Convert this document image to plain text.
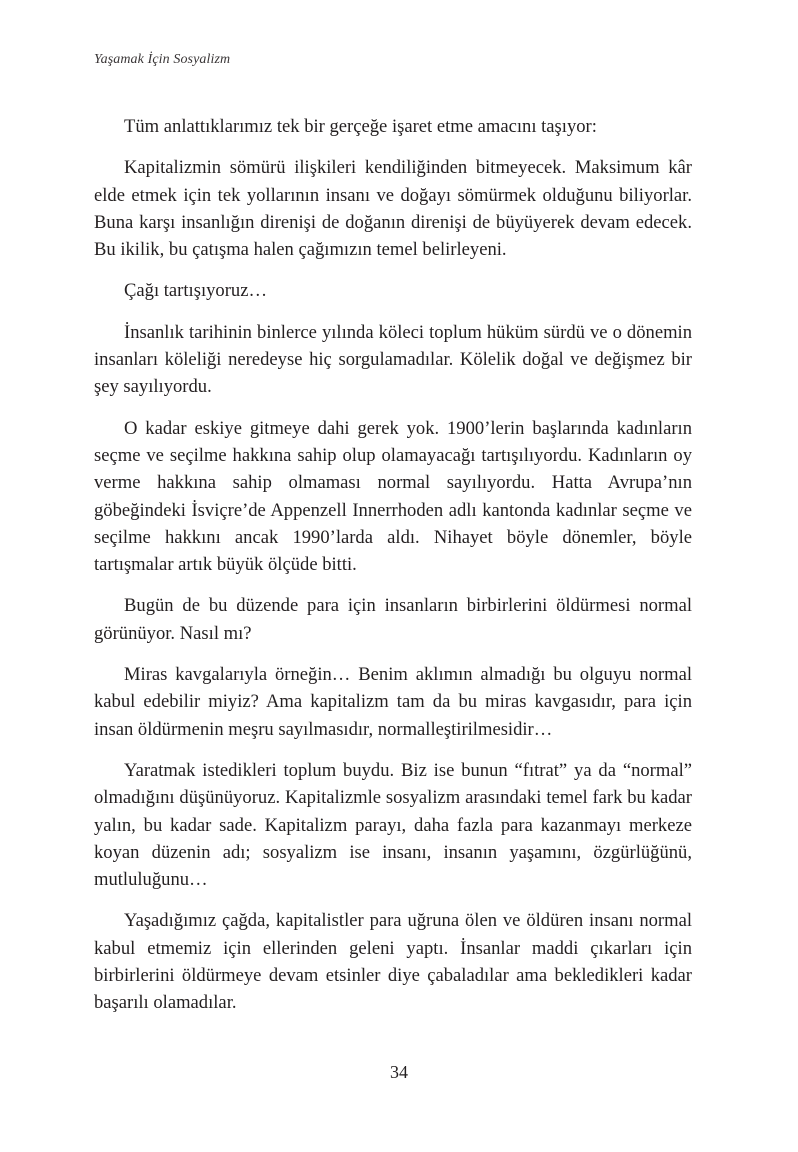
Yaşamak İçin Sosyalizm

Tüm anlattıklarımız tek bir gerçeğe işaret etme amacını taşıyor:

Kapitalizmin sömürü ilişkileri kendiliğinden bitmeyecek. Maksimum kâr elde etmek için tek yollarının insanı ve doğayı sömürmek olduğunu biliyorlar. Buna karşı insanlığın direnişi de doğanın direnişi de büyüyerek devam edecek. Bu ikilik, bu çatışma halen çağımızın temel belirleyeni.

Çağı tartışıyoruz…

İnsanlık tarihinin binlerce yılında köleci toplum hüküm sürdü ve o dönemin insanları köleliği neredeyse hiç sorgulamadılar. Kölelik doğal ve değişmez bir şey sayılıyordu.

O kadar eskiye gitmeye dahi gerek yok. 1900’lerin başlarında kadınların seçme ve seçilme hakkına sahip olup olamayacağı tartışılıyordu. Kadınların oy verme hakkına sahip olmaması normal sayılıyordu. Hatta Avrupa’nın göbeğindeki İsviçre’de Appenzell Innerrhoden adlı kantonda kadınlar seçme ve seçilme hakkını ancak 1990’larda aldı. Nihayet böyle dönemler, böyle tartışmalar artık büyük ölçüde bitti.

Bugün de bu düzende para için insanların birbirlerini öldürmesi normal görünüyor. Nasıl mı?

Miras kavgalarıyla örneğin… Benim aklımın almadığı bu olguyu normal kabul edebilir miyiz? Ama kapitalizm tam da bu miras kavgasıdır, para için insan öldürmenin meşru sayılmasıdır, normalleştirilmesidir…

Yaratmak istedikleri toplum buydu. Biz ise bunun “fıtrat” ya da “normal” olmadığını düşünüyoruz. Kapitalizmle sosyalizm arasındaki temel fark bu kadar yalın, bu kadar sade. Kapitalizm parayı, daha fazla para kazanmayı merkeze koyan düzenin adı; sosyalizm ise insanı, insanın yaşamını, özgürlüğünü, mutluluğunu…

Yaşadığımız çağda, kapitalistler para uğruna ölen ve öldüren insanı normal kabul etmemiz için ellerinden geleni yaptı. İnsanlar maddi çıkarları için birbirlerini öldürmeye devam etsinler diye çabaladılar ama bekledikleri kadar başarılı olamadılar.

34
